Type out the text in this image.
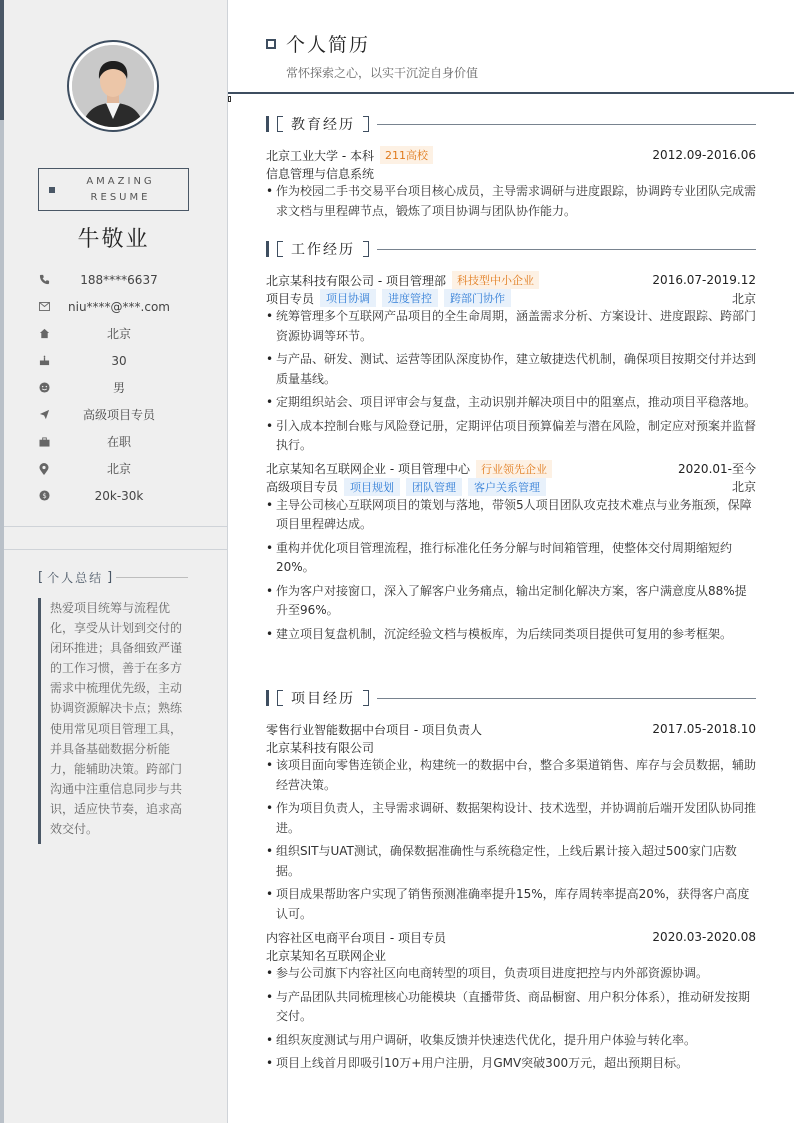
AMAZING
RESUME
牛敬业
188****6637
niu****@***.com
北京
30
男
高级项目专员
在职
北京
$	20k-30k
[ 个人总结 ]
热爱项目统筹与流程优化，享受从计划到交付的闭环推进；具备细致严谨的工作习惯，善于在多方需求中梳理优先级，主动协调资源解决卡点；熟练使用常见项目管理工具，并具备基础数据分析能力，能辅助决策。跨部门沟通中注重信息同步与共识，适应快节奏，追求高效交付。
个人简历
常怀探索之心，以实干沉淀自身价值
教育经历
北京工业大学 - 本科	211高校	2012.09-2016.06
信息管理与信息系统
• 作为校园二手书交易平台项目核心成员，主导需求调研与进度跟踪，协调跨专业团队完成需求文档与里程碑节点，锻炼了项目协调与团队协作能力。
工作经历
北京某科技有限公司 - 项目管理部	科技型中小企业	2016.07-2019.12
项目专员	项目协调	进度管控	跨部门协作	北京
• 统筹管理多个互联网产品项目的全生命周期，涵盖需求分析、方案设计、进度跟踪、跨部门资源协调等环节。
• 与产品、研发、测试、运营等团队深度协作，建立敏捷迭代机制，确保项目按期交付并达到质量基线。
• 定期组织站会、项目评审会与复盘，主动识别并解决项目中的阻塞点，推动项目平稳落地。
• 引入成本控制台账与风险登记册，定期评估项目预算偏差与潜在风险，制定应对预案并监督执行。
北京某知名互联网企业 - 项目管理中心	行业领先企业	2020.01-至今
高级项目专员	项目规划	团队管理	客户关系管理	北京
• 主导公司核心互联网项目的策划与落地，带领5人项目团队攻克技术难点与业务瓶颈，保障项目里程碑达成。
• 重构并优化项目管理流程，推行标准化任务分解与时间箱管理，使整体交付周期缩短约20%。
• 作为客户对接窗口，深入了解客户业务痛点，输出定制化解决方案，客户满意度从88%提升至96%。
• 建立项目复盘机制，沉淀经验文档与模板库，为后续同类项目提供可复用的参考框架。
项目经历
零售行业智能数据中台项目 - 项目负责人	2017.05-2018.10
北京某科技有限公司
• 该项目面向零售连锁企业，构建统一的数据中台，整合多渠道销售、库存与会员数据，辅助经营决策。
• 作为项目负责人，主导需求调研、数据架构设计、技术选型，并协调前后端开发团队协同推进。
• 组织SIT与UAT测试，确保数据准确性与系统稳定性，上线后累计接入超过500家门店数据。
• 项目成果帮助客户实现了销售预测准确率提升15%，库存周转率提高20%，获得客户高度认可。
内容社区电商平台项目 - 项目专员	2020.03-2020.08
北京某知名互联网企业
• 参与公司旗下内容社区向电商转型的项目，负责项目进度把控与内外部资源协调。
• 与产品团队共同梳理核心功能模块（直播带货、商品橱窗、用户积分体系），推动研发按期交付。
• 组织灰度测试与用户调研，收集反馈并快速迭代优化，提升用户体验与转化率。
• 项目上线首月即吸引10万+用户注册，月GMV突破300万元，超出预期目标。
